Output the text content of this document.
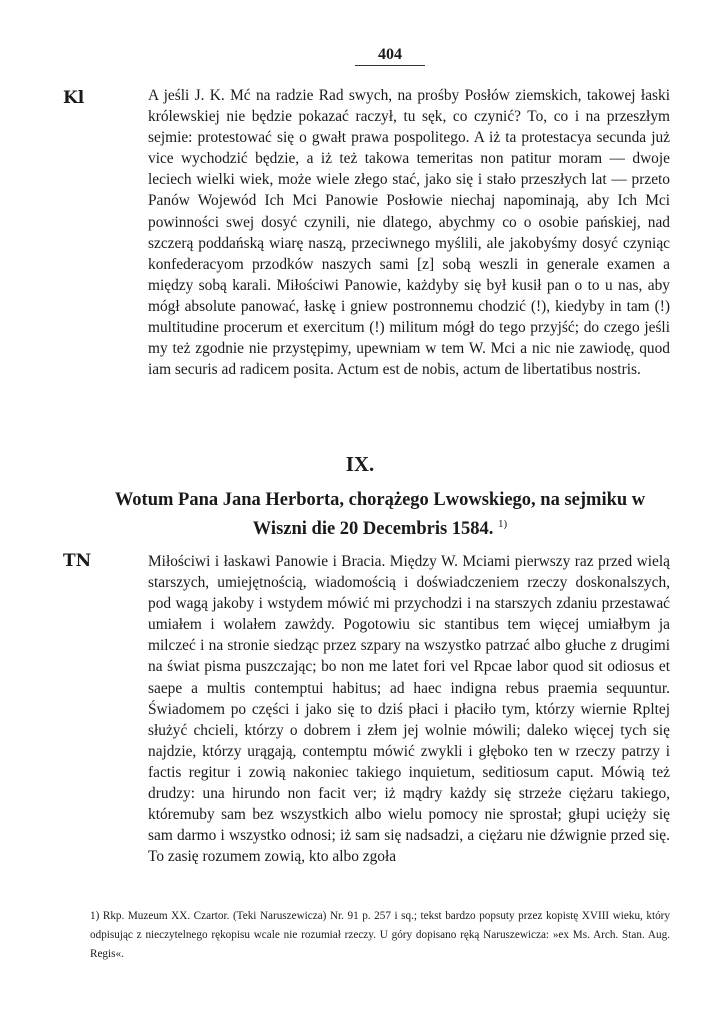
404
Kl	A jeśli J. K. Mć na radzie Rad swych, na prośby Posłów ziemskich, takowej łaski królewskiej nie będzie pokazać raczył, tu sęk, co czynić? To, co i na przeszłym sejmie: protestować się o gwałt prawa pospolitego. A iż ta protestacya secunda już vice wychodzić będzie, a iż też takowa temeritas non patitur moram — dwoje leciech wielki wiek, może wiele złego stać, jako się i stało przeszłych lat — przeto Panów Wojewód Ich Mci Panowie Posłowie niechaj napominają, aby Ich Mci powinności swej dosyć czynili, nie dlatego, abychmy co o osobie pańskiej, nad szczerą poddańską wiarę naszą, przeciwnego myślili, ale jakobyśmy dosyć czyniąc konfederacyom przodków naszych sami [z] sobą weszli in generale examen a między sobą karali. Miłościwi Panowie, każdyby się był kusił pan o to u nas, aby mógł absolute panować, łaskę i gniew postronnemu chodzić (!), kiedyby in tam (!) multitudine procerum et exercitum (!) militum mógł do tego przyjść; do czego jeśli my też zgodnie nie przystępimy, upewniam w tem W. Mci a nic nie zawiodę, quod iam securis ad radicem posita. Actum est de nobis, actum de libertatibus nostris.

IX.
Wotum Pana Jana Herborta, chorążego Lwowskiego, na sejmiku w Wiszni die 20 Decembris 1584. $^{1)}$
TN	Miłościwi i łaskawi Panowie i Bracia. Między W. Mciami pierwszy raz przed wielą starszych, umiejętnością, wiadomością i doświadczeniem rzeczy doskonalszych, pod wagą jakoby i wstydem mówić mi przychodzi i na starszych zdaniu przestawać umiałem i wolałem zawżdy. Pogotowiu sic stantibus tem więcej umiałbym ja milczeć i na stronie siedząc przez szpary na wszystko patrzać albo głuche z drugimi na świat pisma puszczając; bo non me latet fori vel Rpcae labor quod sit odiosus et saepe a multis contemptui habitus; ad haec indigna rebus praemia sequuntur. Świadomem po części i jako się to dziś płaci i płaciło tym, którzy wiernie Rpltej służyć chcieli, którzy o dobrem i złem jej wolnie mówili; daleko więcej tych się najdzie, którzy urągają, contemptu mówić zwykli i głęboko ten w rzeczy patrzy i factis regitur i zowią nakoniec takiego inquietum, seditiosum caput. Mówią też drudzy: una hirundo non facit ver; iż mądry każdy się strzeże ciężaru takiego, któremuby sam bez wszystkich albo wielu pomocy nie sprostał; głupi ucięży się sam darmo i wszystko odnosi; iż sam się nadsadzi, a ciężaru nie dźwignie przed się. To zasię rozumem zowią, kto albo zgoła

1) Rkp. Muzeum XX. Czartor. (Teki Naruszewicza) Nr. 91 p. 257 i sq.; tekst bardzo popsuty przez kopistę XVIII wieku, który odpisując z nieczytelnego rękopisu wcale nie rozumiał rzeczy. U góry dopisano ręką Naruszewicza: »ex Ms. Arch. Stan. Aug. Regis«.
